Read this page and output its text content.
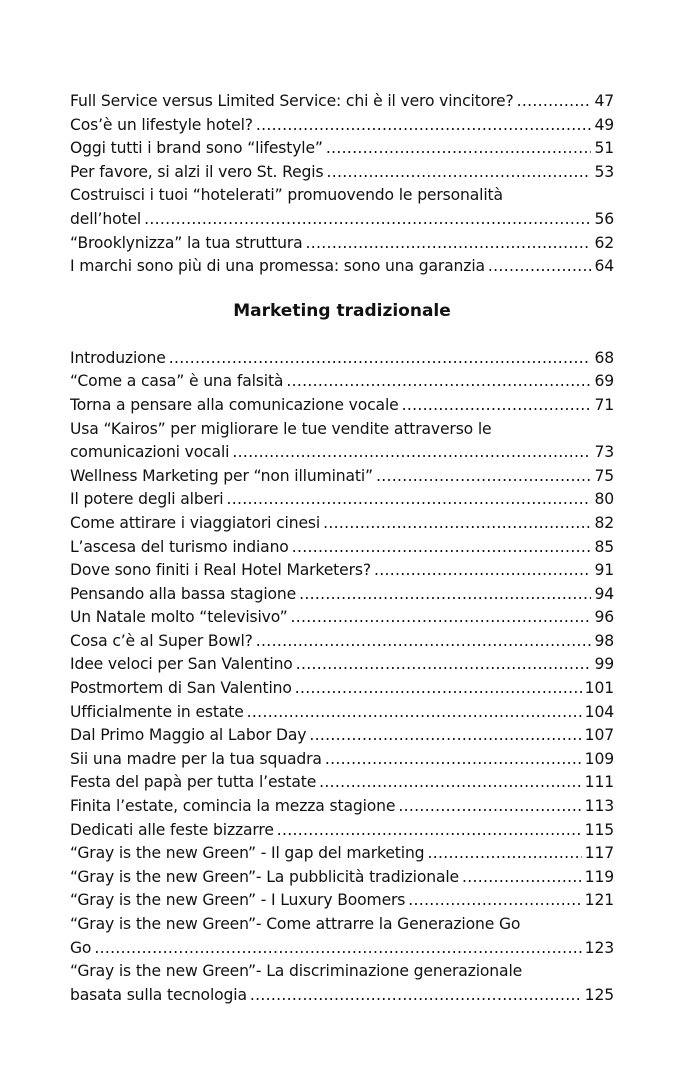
Full Service versus Limited Service: chi è il vero vincitore? .....	47
Cos’è un lifestyle hotel? .....	49
Oggi tutti i brand sono “lifestyle” .....	51
Per favore, si alzi il vero St. Regis .....	53
Costruisci i tuoi “hotelerati” promuovendo le personalità
dell’hotel .....	56
“Brooklynizza” la tua struttura .....	62
I marchi sono più di una promessa: sono una garanzia .....	64
Marketing tradizionale
Introduzione .....	68
“Come a casa” è una falsità .....	69
Torna a pensare alla comunicazione vocale .....	71
Usa “Kairos” per migliorare le tue vendite attraverso le
comunicazioni vocali .....	73
Wellness Marketing per “non illuminati” .....	75
Il potere degli alberi .....	80
Come attirare i viaggiatori cinesi .....	82
L’ascesa del turismo indiano .....	85
Dove sono finiti i Real Hotel Marketers? .....	91
Pensando alla bassa stagione .....	94
Un Natale molto “televisivo” .....	96
Cosa c’è al Super Bowl? .....	98
Idee veloci per San Valentino .....	99
Postmortem di San Valentino .....	101
Ufficialmente in estate .....	104
Dal Primo Maggio al Labor Day .....	107
Sii una madre per la tua squadra .....	109
Festa del papà per tutta l’estate .....	111
Finita l’estate, comincia la mezza stagione .....	113
Dedicati alle feste bizzarre .....	115
“Gray is the new Green” - Il gap del marketing .....	117
“Gray is the new Green”- La pubblicità tradizionale .....	119
“Gray is the new Green” - I Luxury Boomers .....	121
“Gray is the new Green”- Come attrarre la Generazione Go
Go .....	123
“Gray is the new Green”- La discriminazione generazionale
basata sulla tecnologia .....	125
